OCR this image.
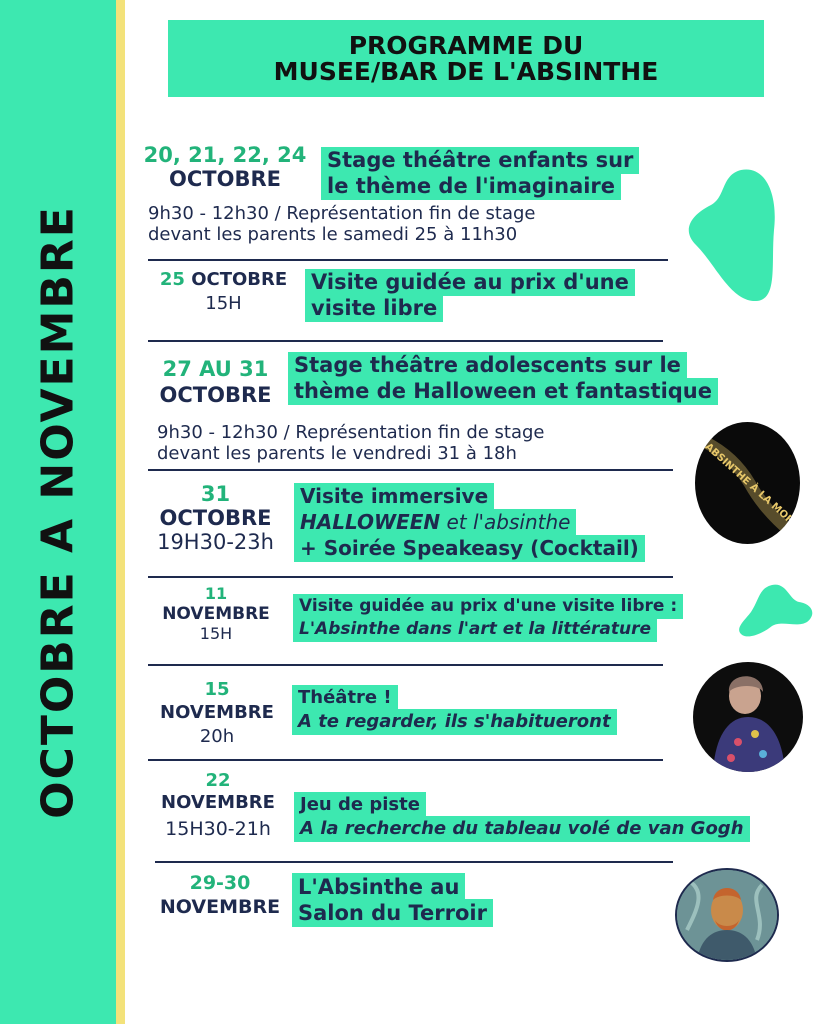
OCTOBRE A NOVEMBRE
PROGRAMME DU
MUSEE/BAR DE L'ABSINTHE
20, 21, 22, 24
OCTOBRE
Stage théâtre enfants sur
le thème de l'imaginaire
9h30 - 12h30 / Représentation fin de stage
devant les parents le samedi 25 à 11h30
25 OCTOBRE
15H
Visite guidée au prix d'une
visite libre
27 AU 31
OCTOBRE
Stage théâtre adolescents sur le
thème de Halloween et fantastique
9h30 - 12h30 / Représentation fin de stage
devant les parents le vendredi 31 à 18h	L'ABSINTHE À LA MORT
31
OCTOBRE
19H30-23h
Visite immersive
HALLOWEEN et l'absinthe
+ Soirée Speakeasy (Cocktail)
11
NOVEMBRE
15H
Visite guidée au prix d'une visite libre :
L'Absinthe dans l'art et la littérature
15
NOVEMBRE
20h
Théâtre !
A te regarder, ils s'habitueront
22
NOVEMBRE
15H30-21h
Jeu de piste
A la recherche du tableau volé de van Gogh
29-30
NOVEMBRE
L'Absinthe au
Salon du Terroir
